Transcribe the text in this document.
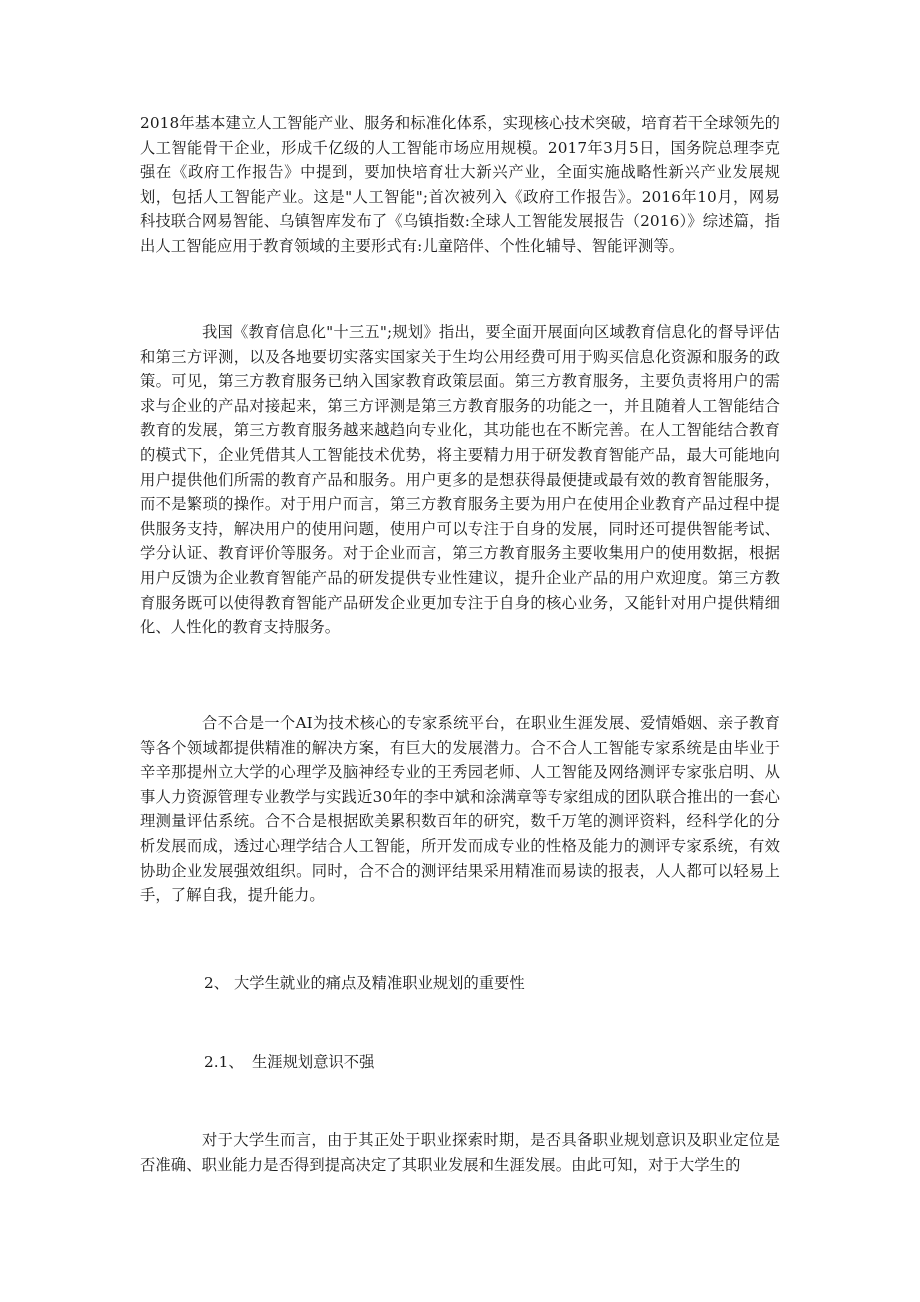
2018年基本建立人工智能产业、服务和标准化体系，实现核心技术突破，培育若干全球领先的人工智能骨干企业，形成千亿级的人工智能市场应用规模。2017年3月5日，国务院总理李克强在《政府工作报告》中提到，要加快培育壮大新兴产业，全面实施战略性新兴产业发展规划，包括人工智能产业。这是"人工智能";首次被列入《政府工作报告》。2016年10月，网易科技联合网易智能、乌镇智库发布了《乌镇指数:全球人工智能发展报告（2016）》综述篇，指出人工智能应用于教育领域的主要形式有:儿童陪伴、个性化辅导、智能评测等。

我国《教育信息化"十三五";规划》指出，要全面开展面向区域教育信息化的督导评估和第三方评测，以及各地要切实落实国家关于生均公用经费可用于购买信息化资源和服务的政策。可见，第三方教育服务已纳入国家教育政策层面。第三方教育服务，主要负责将用户的需求与企业的产品对接起来，第三方评测是第三方教育服务的功能之一，并且随着人工智能结合教育的发展，第三方教育服务越来越趋向专业化，其功能也在不断完善。在人工智能结合教育的模式下，企业凭借其人工智能技术优势，将主要精力用于研发教育智能产品，最大可能地向用户提供他们所需的教育产品和服务。用户更多的是想获得最便捷或最有效的教育智能服务，而不是繁琐的操作。对于用户而言，第三方教育服务主要为用户在使用企业教育产品过程中提供服务支持，解决用户的使用问题，使用户可以专注于自身的发展，同时还可提供智能考试、学分认证、教育评价等服务。对于企业而言，第三方教育服务主要收集用户的使用数据，根据用户反馈为企业教育智能产品的研发提供专业性建议，提升企业产品的用户欢迎度。第三方教育服务既可以使得教育智能产品研发企业更加专注于自身的核心业务，又能针对用户提供精细化、人性化的教育支持服务。

合不合是一个AI为技术核心的专家系统平台，在职业生涯发展、爱情婚姻、亲子教育等各个领域都提供精准的解决方案，有巨大的发展潜力。合不合人工智能专家系统是由毕业于辛辛那提州立大学的心理学及脑神经专业的王秀园老师、人工智能及网络测评专家张启明、从事人力资源管理专业教学与实践近30年的李中斌和涂满章等专家组成的团队联合推出的一套心理测量评估系统。合不合是根据欧美累积数百年的研究，数千万笔的测评资料，经科学化的分析发展而成，透过心理学结合人工智能，所开发而成专业的性格及能力的测评专家系统，有效协助企业发展强效组织。同时，合不合的测评结果采用精准而易读的报表，人人都可以轻易上手，了解自我，提升能力。

2、 大学生就业的痛点及精准职业规划的重要性
2.1、 生涯规划意识不强

对于大学生而言，由于其正处于职业探索时期，是否具备职业规划意识及职业定位是否准确、职业能力是否得到提高决定了其职业发展和生涯发展。由此可知，对于大学生的
